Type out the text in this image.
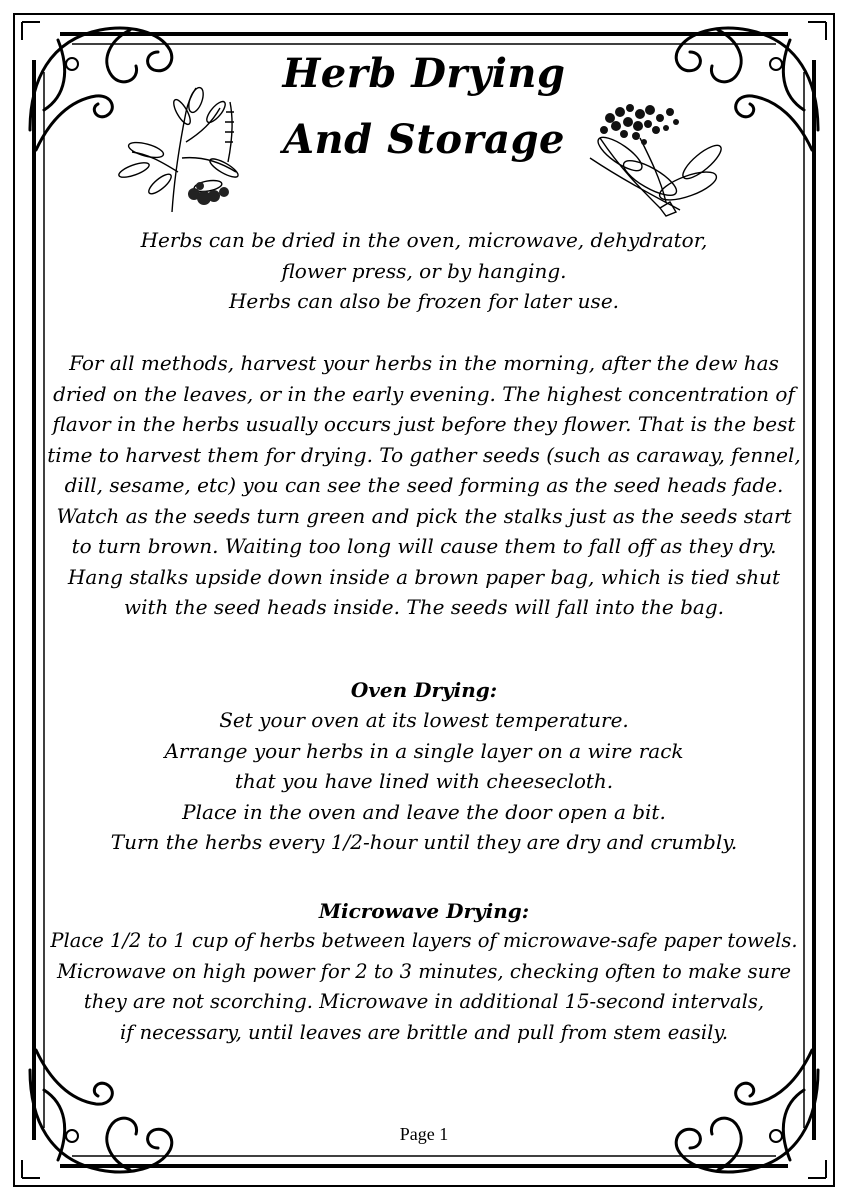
Herb Drying
And Storage
Herbs can be dried in the oven, microwave, dehydrator,
flower press, or by hanging.
Herbs can also be frozen for later use.
For all methods, harvest your herbs in the morning, after the dew has
dried on the leaves, or in the early evening. The highest concentration of
flavor in the herbs usually occurs just before they flower. That is the best
time to harvest them for drying. To gather seeds (such as caraway, fennel,
dill, sesame, etc) you can see the seed forming as the seed heads fade.
Watch as the seeds turn green and pick the stalks just as the seeds start
to turn brown. Waiting too long will cause them to fall off as they dry.
Hang stalks upside down inside a brown paper bag, which is tied shut
with the seed heads inside. The seeds will fall into the bag.
Oven Drying:
Set your oven at its lowest temperature.
Arrange your herbs in a single layer on a wire rack
that you have lined with cheesecloth.
Place in the oven and leave the door open a bit.
Turn the herbs every 1/2-hour until they are dry and crumbly.
Microwave Drying:
Place 1/2 to 1 cup of herbs between layers of microwave-safe paper towels.
Microwave on high power for 2 to 3 minutes, checking often to make sure
they are not scorching. Microwave in additional 15-second intervals,
if necessary, until leaves are brittle and pull from stem easily.
Page 1
